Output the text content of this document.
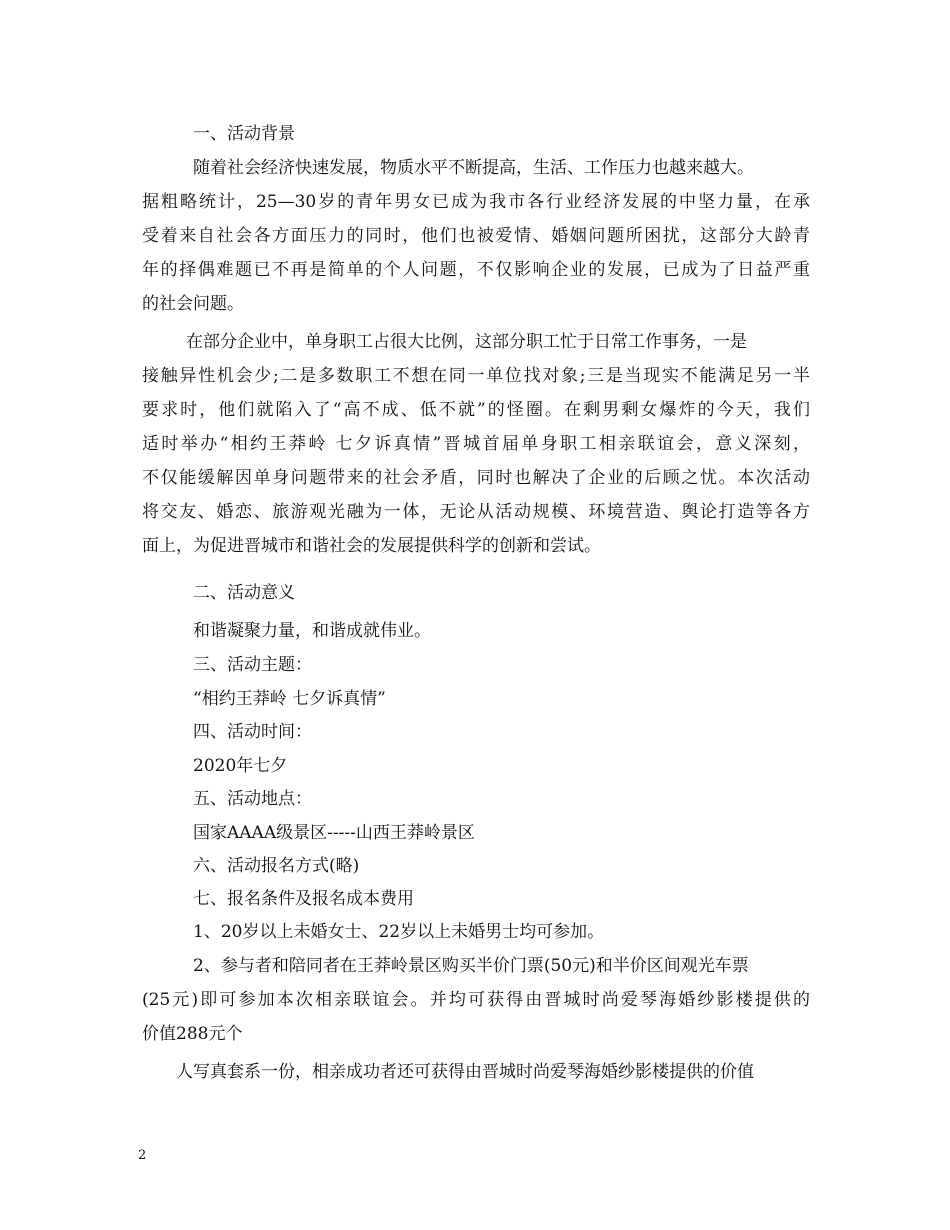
一、活动背景
随着社会经济快速发展，物质水平不断提高，生活、工作压力也越来越大。
据粗略统计，25—30岁的青年男女已成为我市各行业经济发展的中坚力量，在承
受着来自社会各方面压力的同时，他们也被爱情、婚姻问题所困扰，这部分大龄青
年的择偶难题已不再是简单的个人问题，不仅影响企业的发展，已成为了日益严重
的社会问题。
在部分企业中，单身职工占很大比例，这部分职工忙于日常工作事务，一是
接触异性机会少;二是多数职工不想在同一单位找对象;三是当现实不能满足另一半
要求时，他们就陷入了“高不成、低不就”的怪圈。在剩男剩女爆炸的今天，我们
适时举办“相约王莽岭 七夕诉真情”晋城首届单身职工相亲联谊会，意义深刻，
不仅能缓解因单身问题带来的社会矛盾，同时也解决了企业的后顾之忧。本次活动
将交友、婚恋、旅游观光融为一体，无论从活动规模、环境营造、舆论打造等各方
面上，为促进晋城市和谐社会的发展提供科学的创新和尝试。
二、活动意义
和谐凝聚力量，和谐成就伟业。
三、活动主题：
“相约王莽岭 七夕诉真情”
四、活动时间：
2020年七夕
五、活动地点：
国家AAAA级景区-----山西王莽岭景区
六、活动报名方式(略)
七、报名条件及报名成本费用
1、20岁以上未婚女士、22岁以上未婚男士均可参加。
2、参与者和陪同者在王莽岭景区购买半价门票(50元)和半价区间观光车票
(25元)即可参加本次相亲联谊会。并均可获得由晋城时尚爱琴海婚纱影楼提供的
价值288元个
人写真套系一份，相亲成功者还可获得由晋城时尚爱琴海婚纱影楼提供的价值
2
